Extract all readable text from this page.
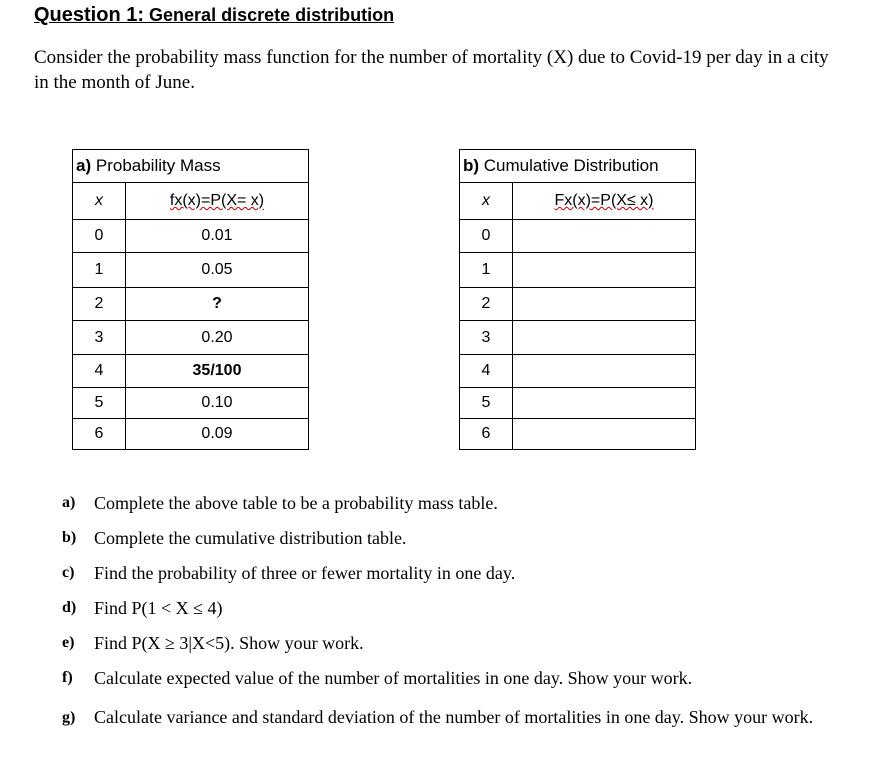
Question 1: General discrete distribution

Consider the probability mass function for the number of mortality (X) due to Covid-19 per day in a city in the month of June.

a) Probability Mass	
x	fx(x)=P(X= x)
0	0.01
1	0.05
2	?
3	0.20
4	35/100
5	0.10
6	0.09
b) Cumulative Distribution	
x	Fx(x)=P(X≤ x)
0	
1	
2	
3	
4	
5	
6	
a) Complete the above table to be a probability mass table.
b) Complete the cumulative distribution table.
c) Find the probability of three or fewer mortality in one day.
d) Find P(1 < X ≤ 4)
e) Find P(X ≥ 3|X<5). Show your work.
f) Calculate expected value of the number of mortalities in one day. Show your work.
g) Calculate variance and standard deviation of the number of mortalities in one day. Show your work.
